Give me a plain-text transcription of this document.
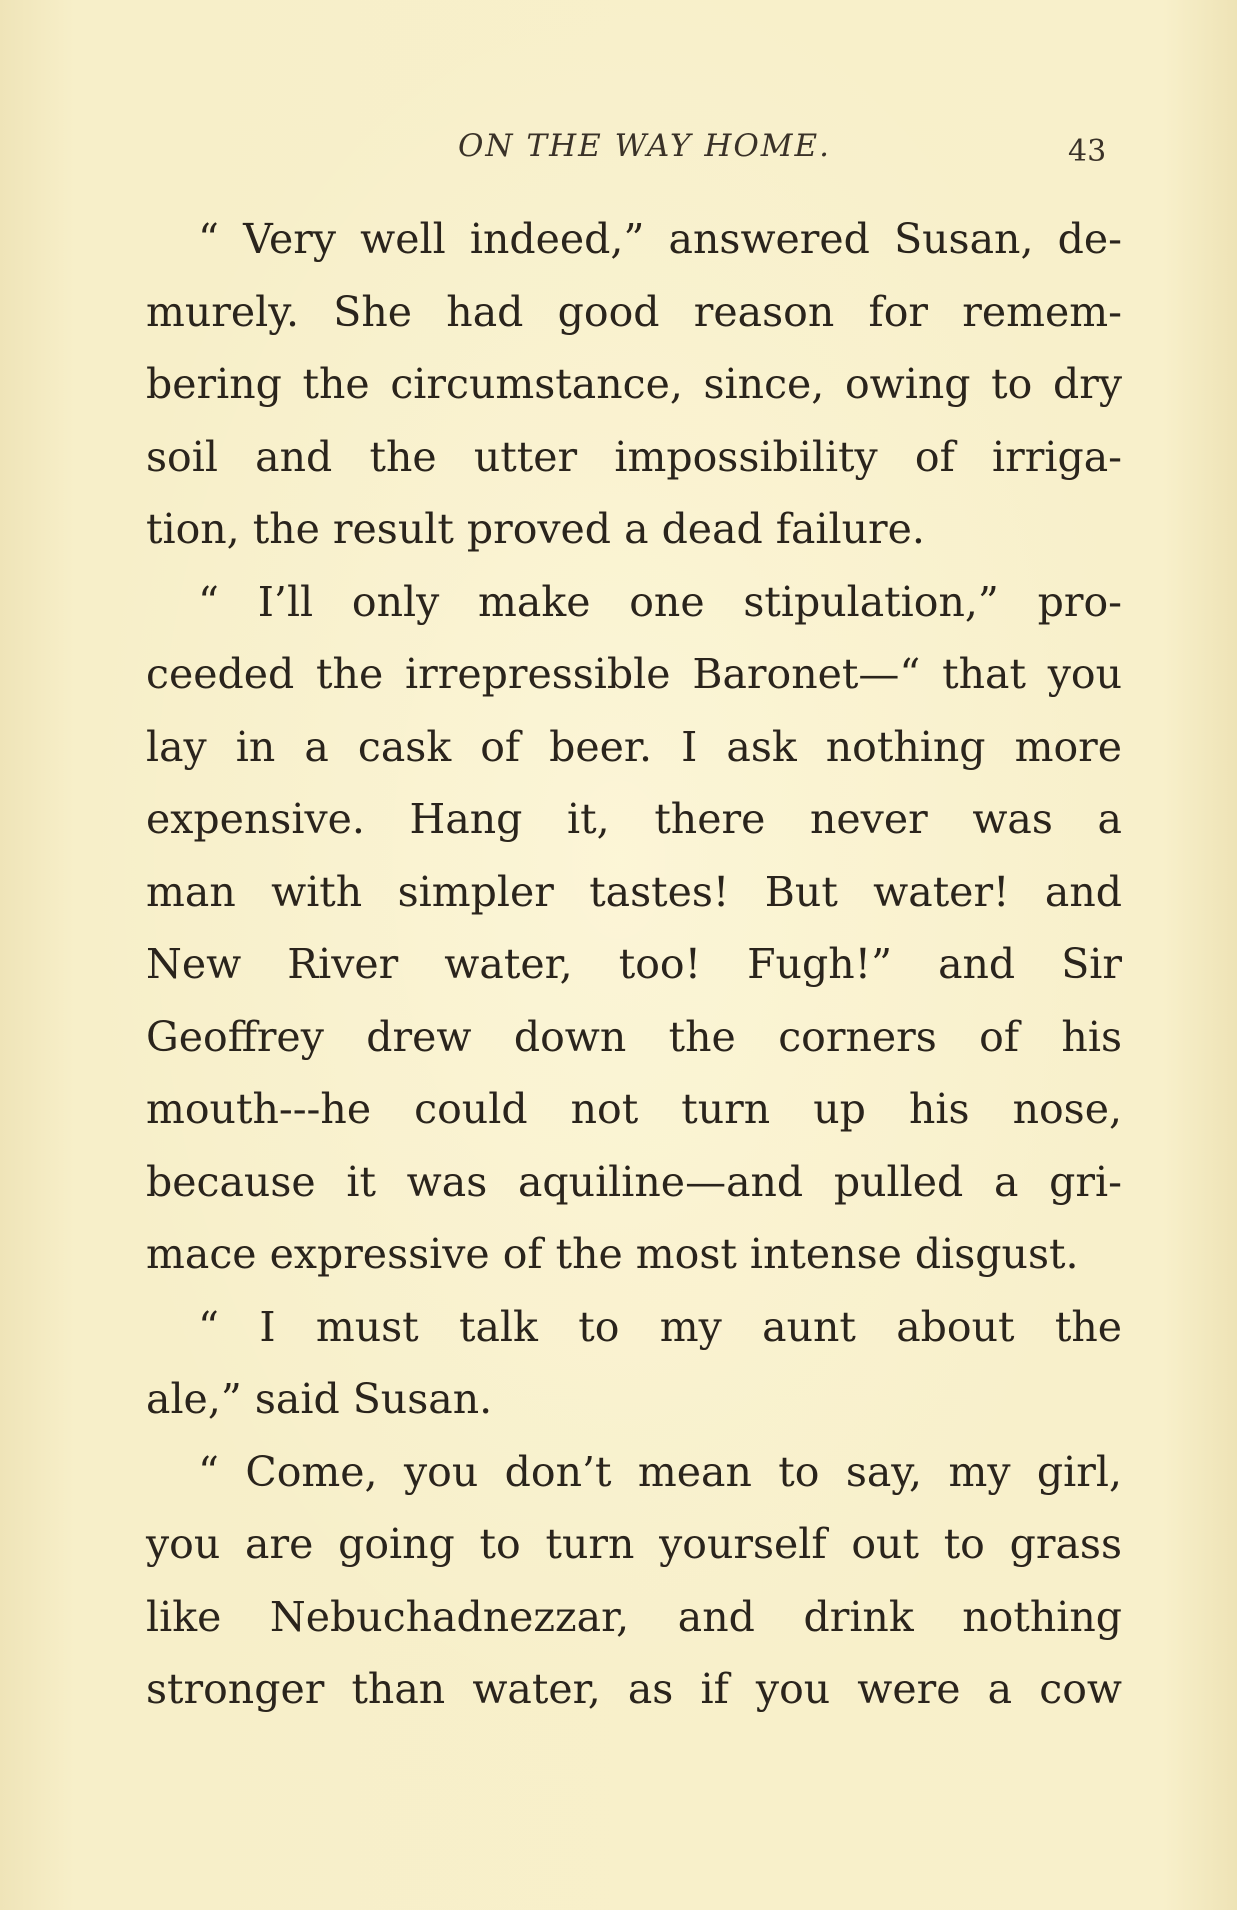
ON THE WAY HOME.	43
“ Very well indeed,” answered Susan, de-
murely. She had good reason for remem-
bering the circumstance, since, owing to dry
soil and the utter impossibility of irriga-
tion, the result proved a dead failure.
“ I’ll only make one stipulation,” pro-
ceeded the irrepressible Baronet—“ that you
lay in a cask of beer. I ask nothing more
expensive. Hang it, there never was a
man with simpler tastes! But water! and
New River water, too! Fugh!” and Sir
Geoffrey drew down the corners of his
mouth---he could not turn up his nose,
because it was aquiline—and pulled a gri-
mace expressive of the most intense disgust.
“ I must talk to my aunt about the
ale,” said Susan.
“ Come, you don’t mean to say, my girl,
you are going to turn yourself out to grass
like Nebuchadnezzar, and drink nothing
stronger than water, as if you were a cow
